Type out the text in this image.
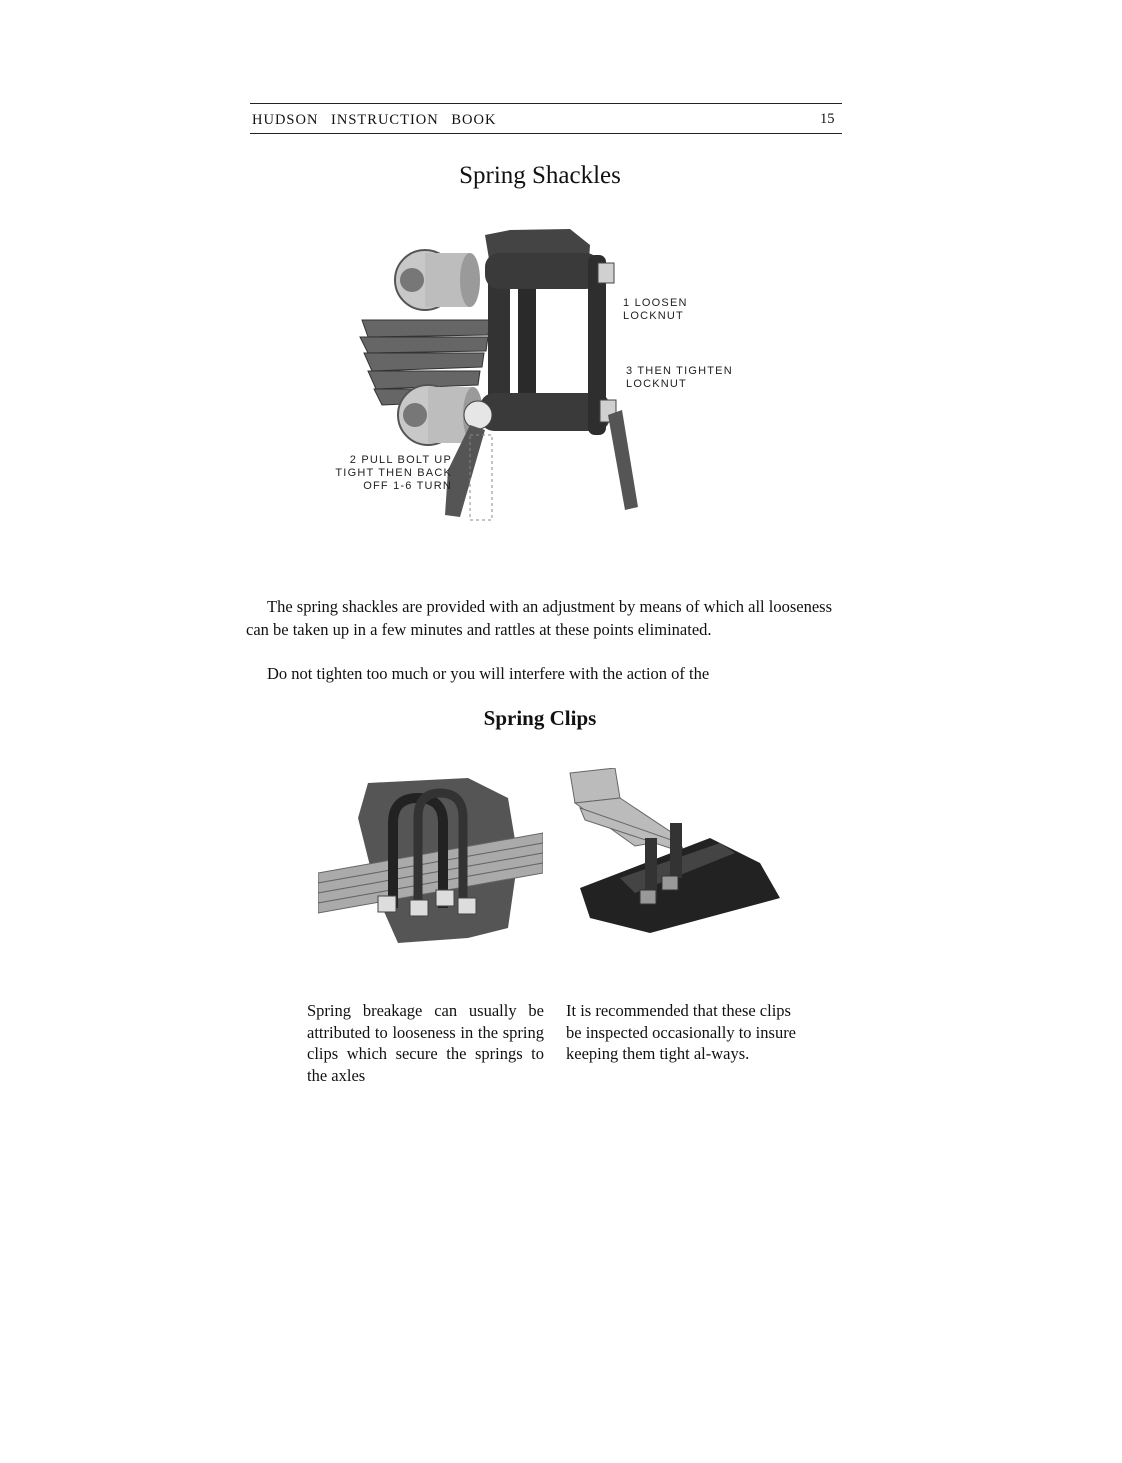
HUDSON INSTRUCTION BOOK	15
Spring Shackles
1 LOOSEN
LOCKNUT
3 THEN TIGHTEN
LOCKNUT
2 PULL BOLT UP
TIGHT THEN BACK
OFF 1-6 TURN
The spring shackles are provided with an adjustment by means of which all looseness can be taken up in a few minutes and rattles at these points eliminated.
Do not tighten too much or you will interfere with the action of the
Spring Clips
Spring breakage can usually be attributed to looseness in the spring clips which secure the springs to the axles
It is recommended that these clips be inspected occasionally to insure keeping them tight al-ways.
